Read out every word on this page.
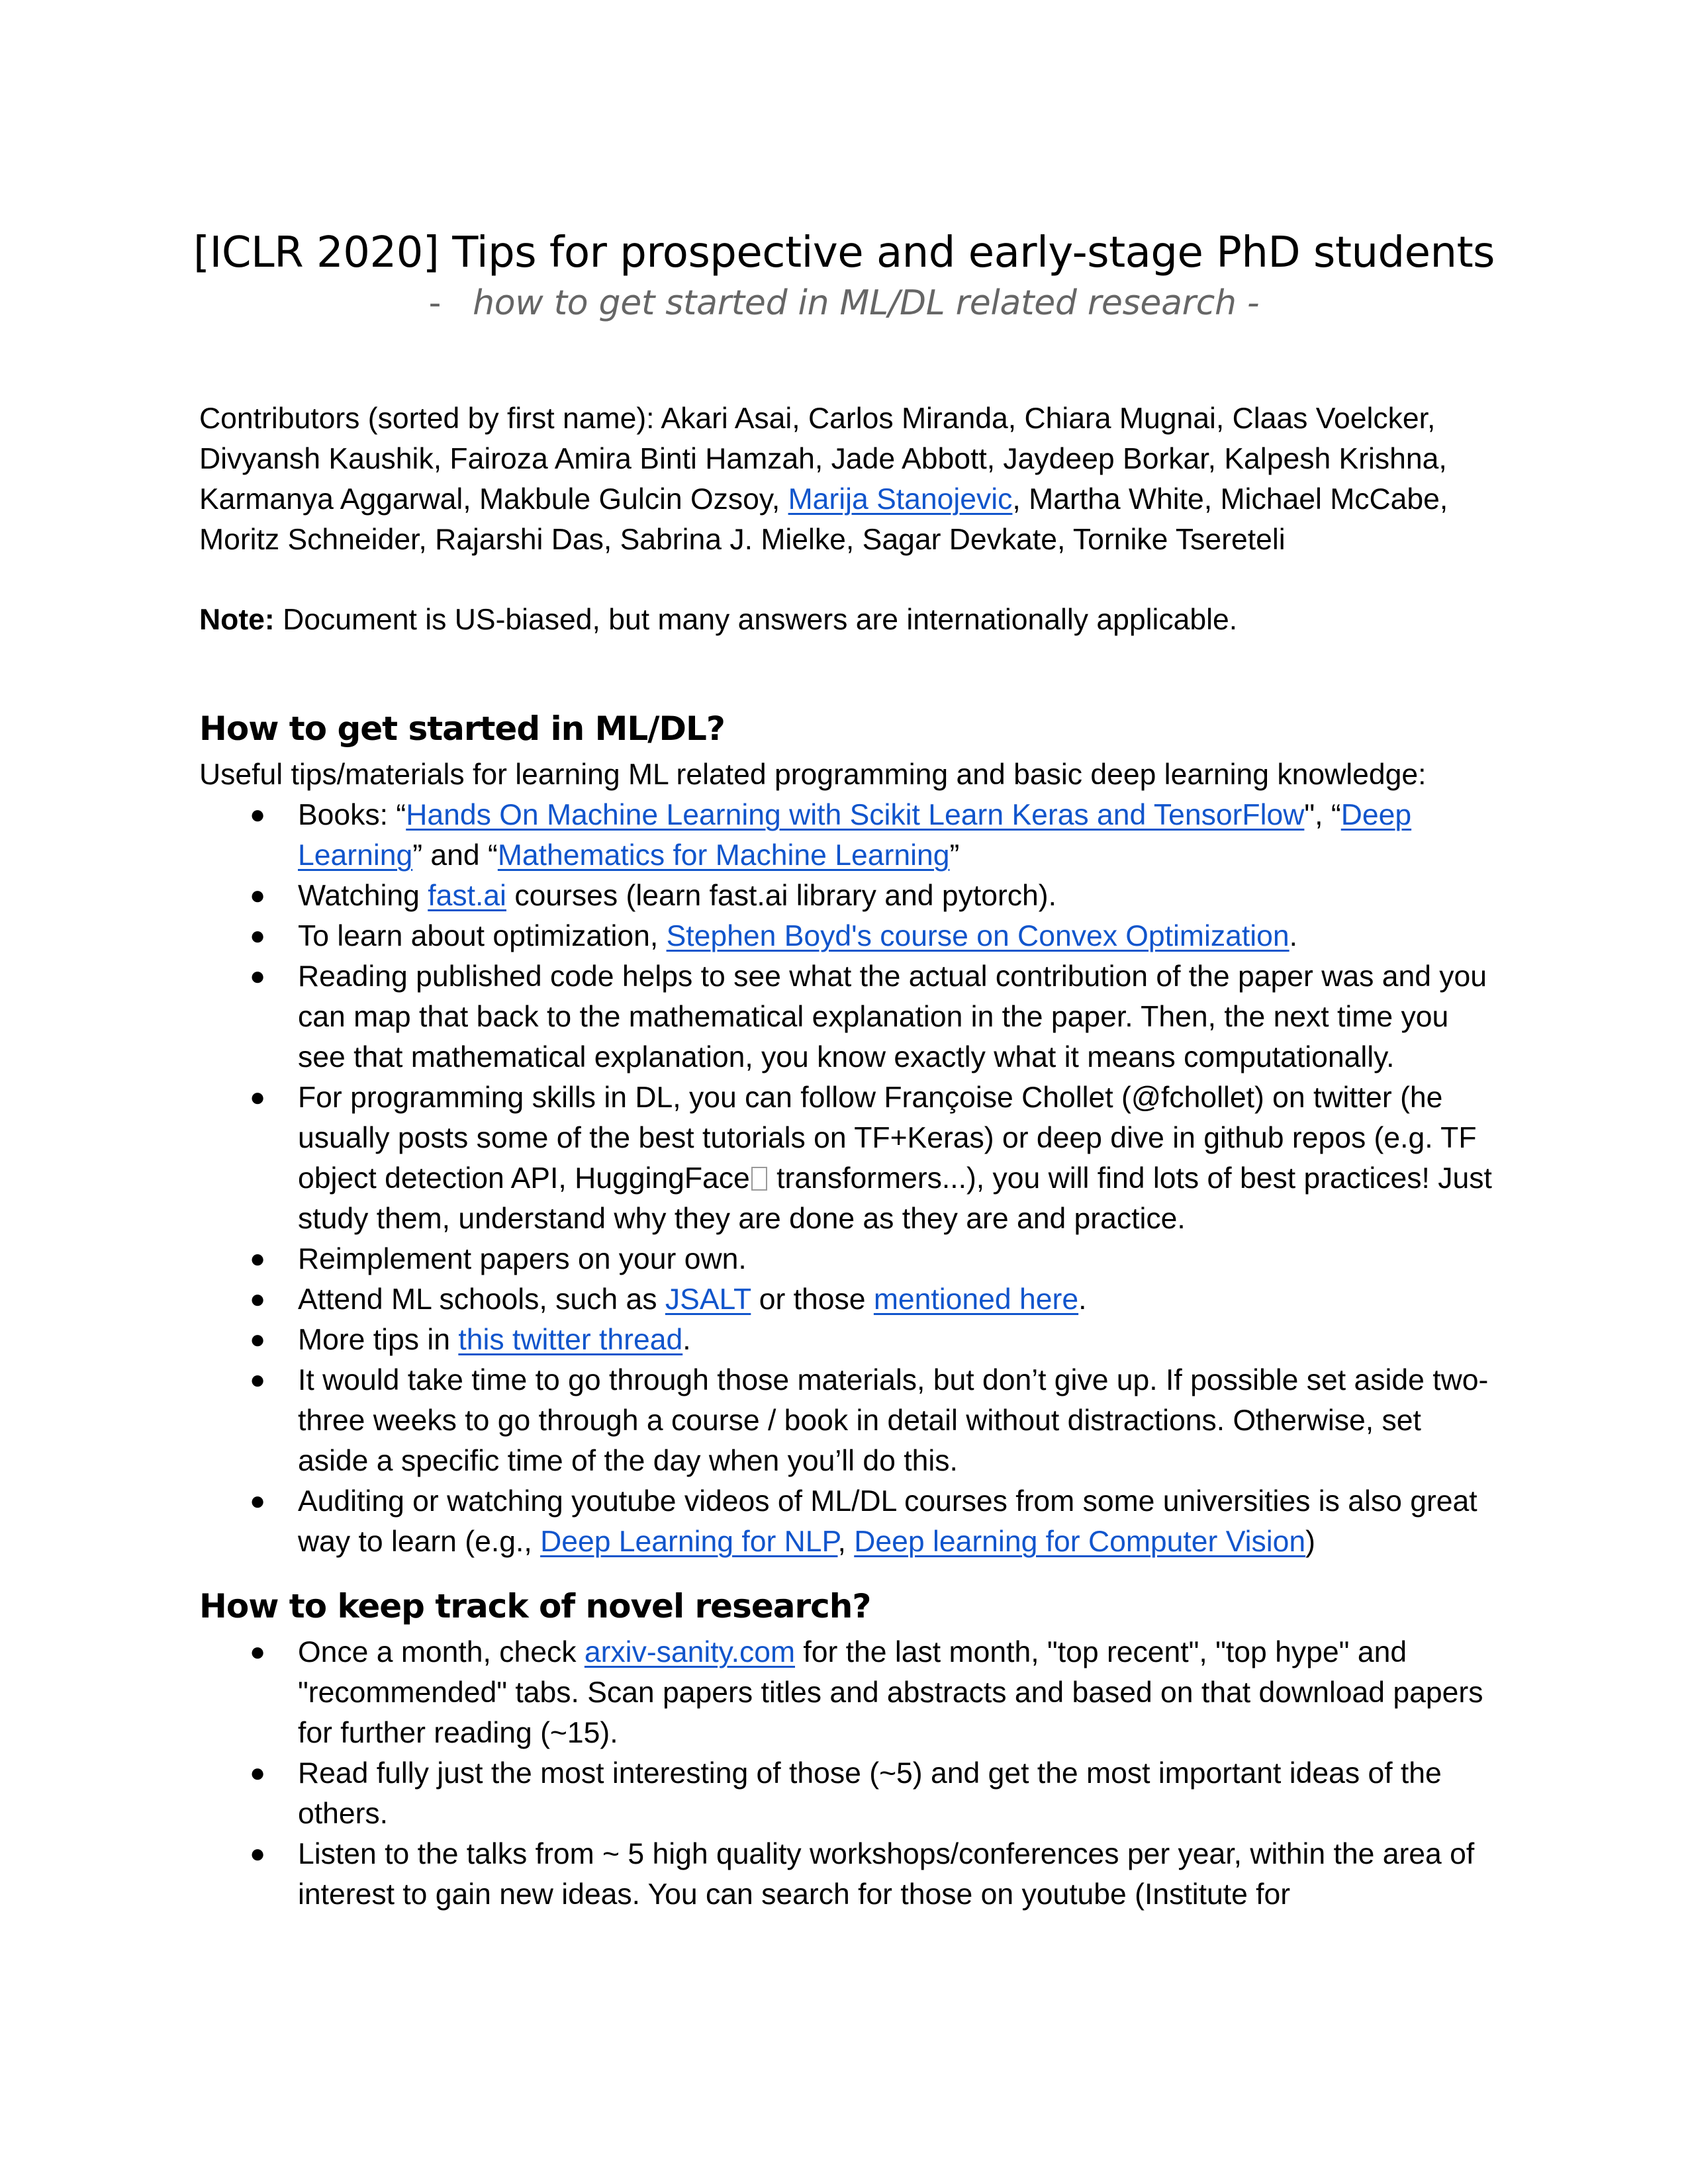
[ICLR 2020] Tips for prospective and early-stage PhD students
- how to get started in ML/DL related research -
Contributors (sorted by first name): Akari Asai, Carlos Miranda, Chiara Mugnai, Claas Voelcker, Divyansh Kaushik, Fairoza Amira Binti Hamzah, Jade Abbott, Jaydeep Borkar, Kalpesh Krishna, Karmanya Aggarwal, Makbule Gulcin Ozsoy, Marija Stanojevic, Martha White, Michael McCabe, Moritz Schneider, Rajarshi Das, Sabrina J. Mielke, Sagar Devkate, Tornike Tsereteli
Note: Document is US-biased, but many answers are internationally applicable.
How to get started in ML/DL?
Useful tips/materials for learning ML related programming and basic deep learning knowledge:
● Books: “Hands On Machine Learning with Scikit Learn Keras and TensorFlow", “Deep Learning” and “Mathematics for Machine Learning”
● Watching fast.ai courses (learn fast.ai library and pytorch).
● To learn about optimization, Stephen Boyd's course on Convex Optimization.
● Reading published code helps to see what the actual contribution of the paper was and you can map that back to the mathematical explanation in the paper. Then, the next time you see that mathematical explanation, you know exactly what it means computationally.
● For programming skills in DL, you can follow Françoise Chollet (@fchollet) on twitter (he usually posts some of the best tutorials on TF+Keras) or deep dive in github repos (e.g. TF object detection API, HuggingFace transformers...), you will find lots of best practices! Just study them, understand why they are done as they are and practice.
● Reimplement papers on your own.
● Attend ML schools, such as JSALT or those mentioned here.
● More tips in this twitter thread.
● It would take time to go through those materials, but don’t give up. If possible set aside two-three weeks to go through a course / book in detail without distractions. Otherwise, set aside a specific time of the day when you’ll do this.
● Auditing or watching youtube videos of ML/DL courses from some universities is also great way to learn (e.g., Deep Learning for NLP, Deep learning for Computer Vision)
How to keep track of novel research?
● Once a month, check arxiv-sanity.com for the last month, "top recent", "top hype" and "recommended" tabs. Scan papers titles and abstracts and based on that download papers for further reading (~15).
● Read fully just the most interesting of those (~5) and get the most important ideas of the others.
● Listen to the talks from ~ 5 high quality workshops/conferences per year, within the area of interest to gain new ideas. You can search for those on youtube (Institute for
